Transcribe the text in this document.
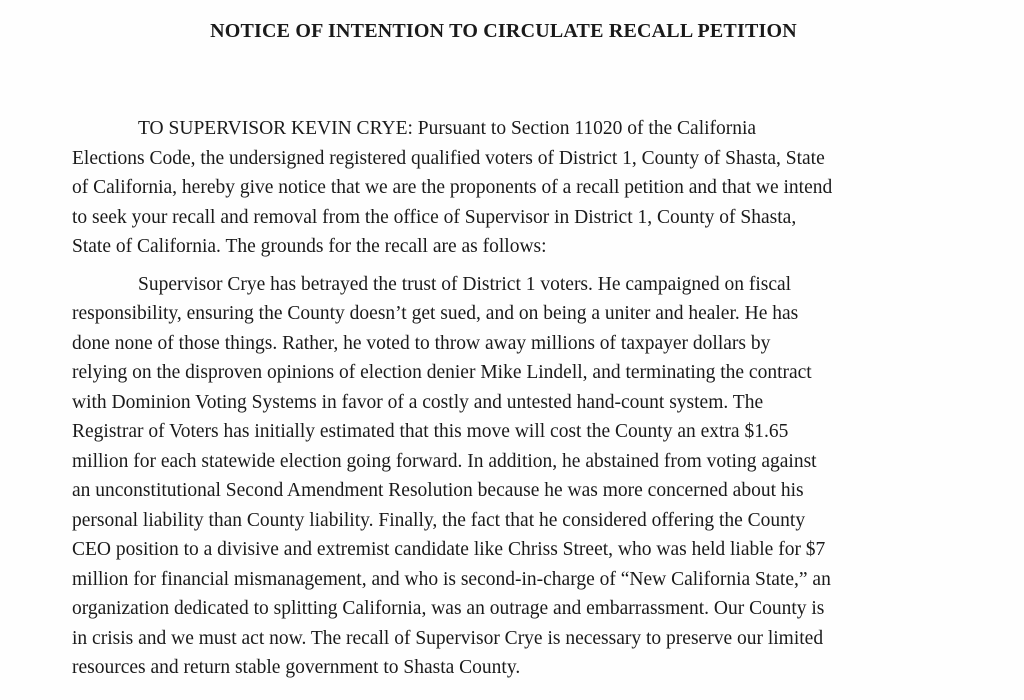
NOTICE OF INTENTION TO CIRCULATE RECALL PETITION
TO SUPERVISOR KEVIN CRYE: Pursuant to Section 11020 of the California
Elections Code, the undersigned registered qualified voters of District 1, County of Shasta, State
of California, hereby give notice that we are the proponents of a recall petition and that we intend
to seek your recall and removal from the office of Supervisor in District 1, County of Shasta,
State of California. The grounds for the recall are as follows:
Supervisor Crye has betrayed the trust of District 1 voters. He campaigned on fiscal
responsibility, ensuring the County doesn’t get sued, and on being a uniter and healer. He has
done none of those things. Rather, he voted to throw away millions of taxpayer dollars by
relying on the disproven opinions of election denier Mike Lindell, and terminating the contract
with Dominion Voting Systems in favor of a costly and untested hand-count system. The
Registrar of Voters has initially estimated that this move will cost the County an extra $1.65
million for each statewide election going forward. In addition, he abstained from voting against
an unconstitutional Second Amendment Resolution because he was more concerned about his
personal liability than County liability. Finally, the fact that he considered offering the County
CEO position to a divisive and extremist candidate like Chriss Street, who was held liable for $7
million for financial mismanagement, and who is second-in-charge of “New California State,” an
organization dedicated to splitting California, was an outrage and embarrassment. Our County is
in crisis and we must act now. The recall of Supervisor Crye is necessary to preserve our limited
resources and return stable government to Shasta County.
